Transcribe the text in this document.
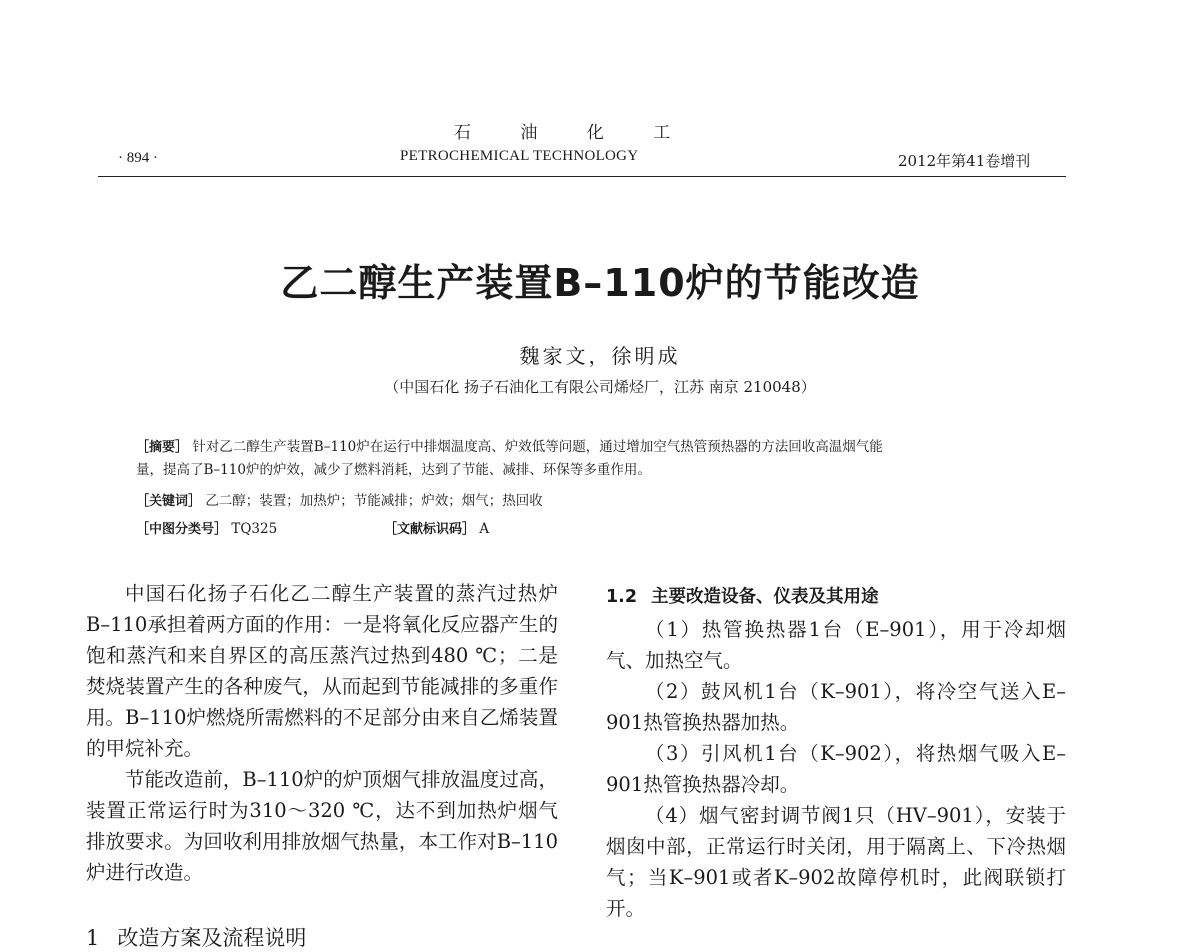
石 油 化 工
PETROCHEMICAL TECHNOLOGY
· 894 ·	2012年第41卷增刊
乙二醇生产装置B–110炉的节能改造
魏家文，徐明成
（中国石化 扬子石油化工有限公司烯烃厂，江苏 南京 210048）

［摘要］ 针对乙二醇生产装置B–110炉在运行中排烟温度高、炉效低等问题，通过增加空气热管预热器的方法回收高温烟气能

量，提高了B–110炉的炉效，减少了燃料消耗，达到了节能、减排、环保等多重作用。

［关键词］ 乙二醇；装置；加热炉；节能减排；炉效；烟气；热回收
［中图分类号］ TQ325	［文献标识码］ A

中国石化扬子石化乙二醇生产装置的蒸汽过热炉B–110承担着两方面的作用：一是将氧化反应器产生的饱和蒸汽和来自界区的高压蒸汽过热到480 ℃；二是焚烧装置产生的各种废气，从而起到节能减排的多重作用。B–110炉燃烧所需燃料的不足部分由来自乙烯装置的甲烷补充。

节能改造前，B–110炉的炉顶烟气排放温度过高，装置正常运行时为310～320 ℃，达不到加热炉烟气排放要求。为回收利用排放烟气热量，本工作对B–110炉进行改造。

1 改造方案及流程说明
1.2 主要改造设备、仪表及其用途

（1）热管换热器1台（E–901），用于冷却烟气、加热空气。

（2）鼓风机1台（K–901），将冷空气送入E–901热管换热器加热。

（3）引风机1台（K–902），将热烟气吸入E–901热管换热器冷却。

（4）烟气密封调节阀1只（HV–901），安装于烟囱中部，正常运行时关闭，用于隔离上、下冷热烟气；当K–901或者K–902故障停机时，此阀联锁打开。
